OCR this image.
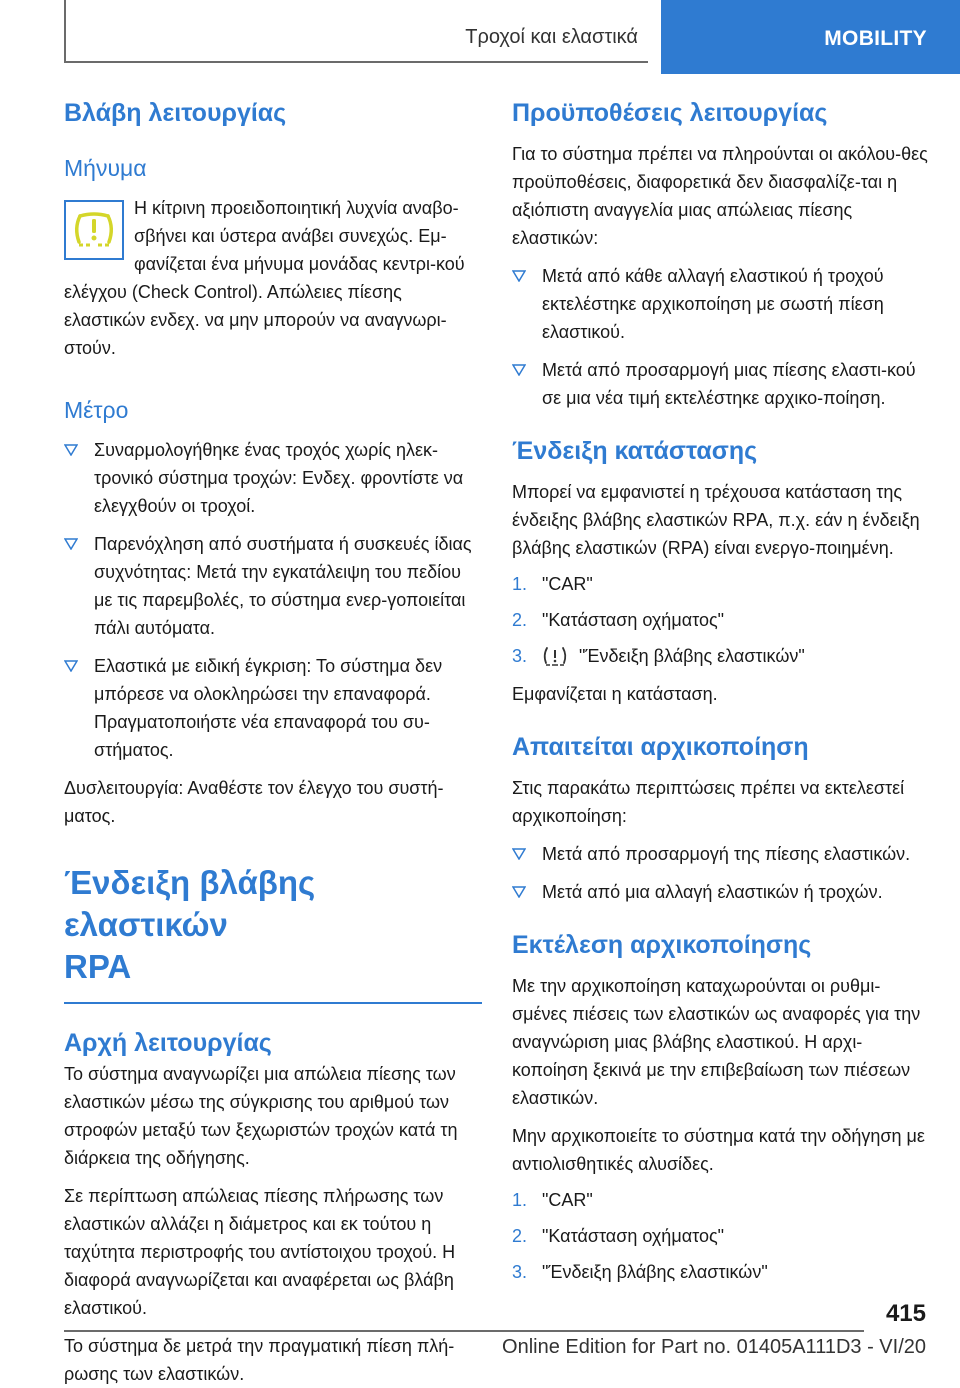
Τροχοί και ελαστικά	MOBILITY
Βλάβη λειτουργίας
Μήνυμα

Η κίτρινη προειδοποιητική λυχνία αναβο-σβήνει και ύστερα ανάβει συνεχώς. Εμ-φανίζεται ένα μήνυμα μονάδας κεντρι-κού ελέγχου (Check Control). Απώλειες πίεσης ελαστικών ενδεχ. να μην μπορούν να αναγνωρι-στούν.

Μέτρο
Συναρμολογήθηκε ένας τροχός χωρίς ηλεκ-τρονικό σύστημα τροχών: Ενδεχ. φροντίστε να ελεγχθούν οι τροχοί.
Παρενόχληση από συστήματα ή συσκευές ίδιας συχνότητας: Μετά την εγκατάλειψη του πεδίου με τις παρεμβολές, το σύστημα ενερ-γοποιείται πάλι αυτόματα.
Ελαστικά με ειδική έγκριση: Το σύστημα δεν μπόρεσε να ολοκληρώσει την επαναφορά. Πραγματοποιήστε νέα επαναφορά του συ-στήματος.

Δυσλειτουργία: Αναθέστε τον έλεγχο του συστή-ματος.

Ένδειξη βλάβης ελαστικών
RPA
Αρχή λειτουργίας

Το σύστημα αναγνωρίζει μια απώλεια πίεσης των ελαστικών μέσω της σύγκρισης του αριθμού των στροφών μεταξύ των ξεχωριστών τροχών κατά τη διάρκεια της οδήγησης.

Σε περίπτωση απώλειας πίεσης πλήρωσης των ελαστικών αλλάζει η διάμετρος και εκ τούτου η ταχύτητα περιστροφής του αντίστοιχου τροχού. Η διαφορά αναγνωρίζεται και αναφέρεται ως βλάβη ελαστικού.

Το σύστημα δε μετρά την πραγματική πίεση πλή-ρωσης των ελαστικών.

Προϋποθέσεις λειτουργίας

Για το σύστημα πρέπει να πληρούνται οι ακόλου-θες προϋποθέσεις, διαφορετικά δεν διασφαλίζε-ται η αξιόπιστη αναγγελία μιας απώλειας πίεσης ελαστικών:

Μετά από κάθε αλλαγή ελαστικού ή τροχού εκτελέστηκε αρχικοποίηση με σωστή πίεση ελαστικού.
Μετά από προσαρμογή μιας πίεσης ελαστι-κού σε μια νέα τιμή εκτελέστηκε αρχικο-ποίηση.
Ένδειξη κατάστασης

Μπορεί να εμφανιστεί η τρέχουσα κατάσταση της ένδειξης βλάβης ελαστικών RPA, π.χ. εάν η ένδειξη βλάβης ελαστικών (RPA) είναι ενεργο-ποιημένη.

1. "CAR"
2. "Κατάσταση οχήματος"
3.	"Ένδειξη βλάβης ελαστικών"

Εμφανίζεται η κατάσταση.

Απαιτείται αρχικοποίηση

Στις παρακάτω περιπτώσεις πρέπει να εκτελεστεί αρχικοποίηση:

Μετά από προσαρμογή της πίεσης ελαστικών.
Μετά από μια αλλαγή ελαστικών ή τροχών.
Εκτέλεση αρχικοποίησης

Με την αρχικοποίηση καταχωρούνται οι ρυθμι-σμένες πιέσεις των ελαστικών ως αναφορές για την αναγνώριση μιας βλάβης ελαστικού. Η αρχι-κοποίηση ξεκινά με την επιβεβαίωση των πιέσεων ελαστικών.

Μην αρχικοποιείτε το σύστημα κατά την οδήγηση με αντιολισθητικές αλυσίδες.

1. "CAR"
2. "Κατάσταση οχήματος"
3. "Ένδειξη βλάβης ελαστικών"
415
Online Edition for Part no. 01405A111D3 - VI/20
